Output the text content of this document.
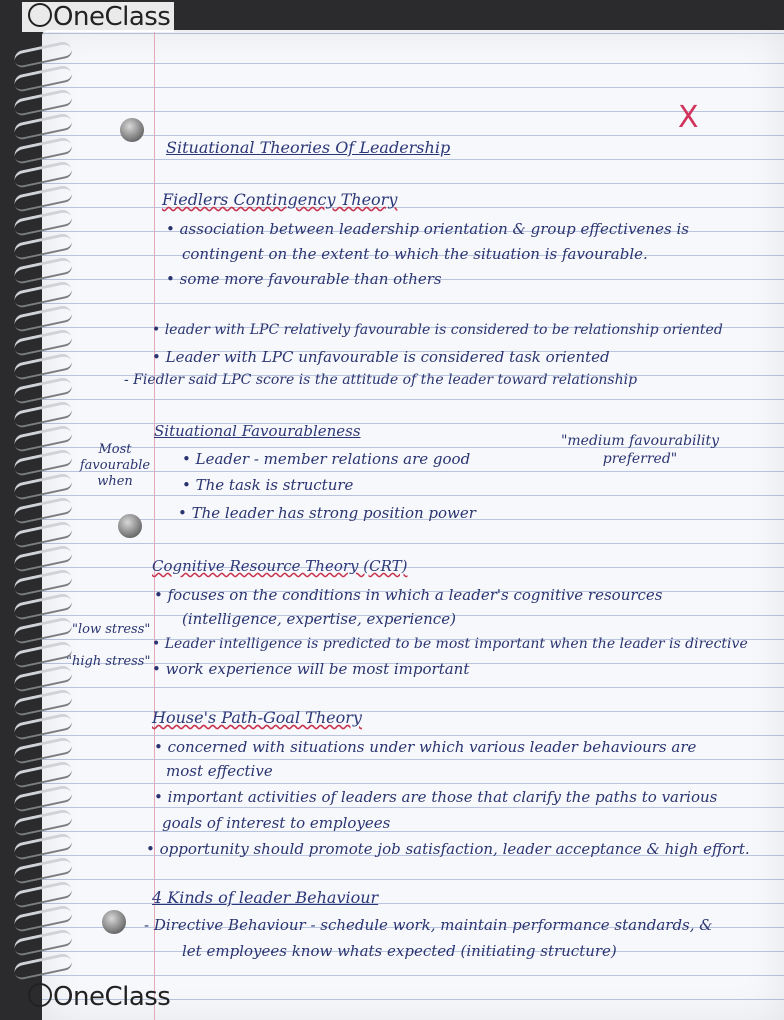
X
Situational Theories Of Leadership
Fiedlers Contingency Theory
• association between leadership orientation & group effectivenes is
contingent on the extent to which the situation is favourable.
• some more favourable than others
• leader with LPC relatively favourable is considered to be relationship oriented
• Leader with LPC unfavourable is considered task oriented
- Fiedler said LPC score is the attitude of the leader toward relationship
Situational Favourableness
Most favourable when
"medium favourability preferred"
• Leader - member relations are good
• The task is structure
• The leader has strong position power
Cognitive Resource Theory (CRT)
• focuses on the conditions in which a leader's cognitive resources
(intelligence, expertise, experience)
"low stress"
• Leader intelligence is predicted to be most important when the leader is directive
"high stress" • work experience will be most important
House's Path-Goal Theory
• concerned with situations under which various leader behaviours are
most effective
• important activities of leaders are those that clarify the paths to various
goals of interest to employees
• opportunity should promote job satisfaction, leader acceptance & high effort.
4 Kinds of leader Behaviour
- Directive Behaviour - schedule work, maintain performance standards, &
let employees know whats expected (initiating structure)
OneClass
OneClass
